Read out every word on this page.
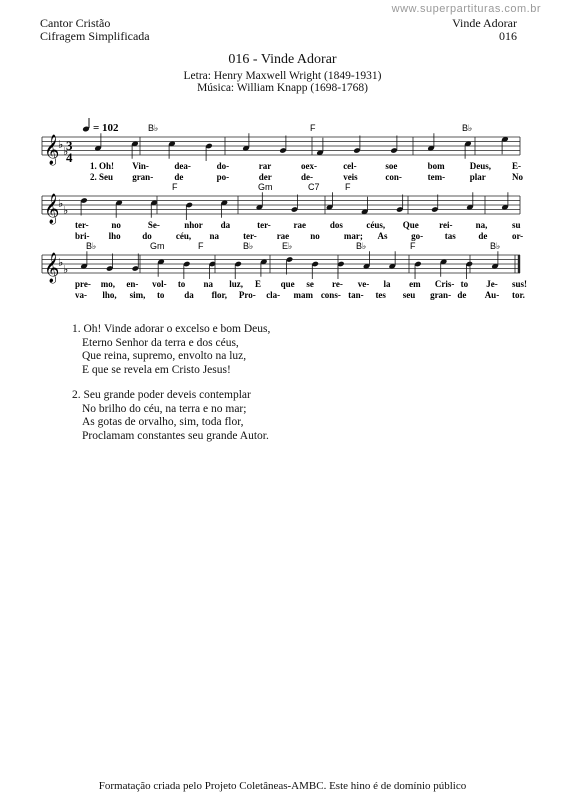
www.superpartituras.com.br
Cantor Cristão
Cifragem Simplificada
Vinde Adorar
016
016 - Vinde Adorar
Letra: Henry Maxwell Wright (1849-1931)
Música: William Knapp (1698-1768)
𝄞
♭
♭
𝄞
♭
♭
𝄞
♭
♭
= 102
3
4
B♭	F	B♭
F	Gm	C7	F
B♭	Gm	F	B♭	E♭	B♭	F	B♭
1. Oh! Vin-	dea-	do-	rar	oex-	cel-	soe	bom	Deus, E-
2. Seu gran- de	po-	der	de-	veis	con-	tem-	plar	No
ter-	no	Se-	nhor da	ter-	rae	dos	céus, Que rei-	na,	su
bri- lho do	céu, na	ter- rae no	mar; As	go- tas	de	or-
pre- mo, en- vol- to na luz, E que se re- ve- la em Cris- to Je- sus!
va- lho, sim, to da flor, Pro- cla- mam cons- tan- tes seu gran- de Au- tor.
1. Oh! Vinde adorar o excelso e bom Deus,
Eterno Senhor da terra e dos céus,
Que reina, supremo, envolto na luz,
E que se revela em Cristo Jesus!
2. Seu grande poder deveis contemplar
No brilho do céu, na terra e no mar;
As gotas de orvalho, sim, toda flor,
Proclamam constantes seu grande Autor.
Formatação criada pelo Projeto Coletâneas-AMBC. Este hino é de domínio público
